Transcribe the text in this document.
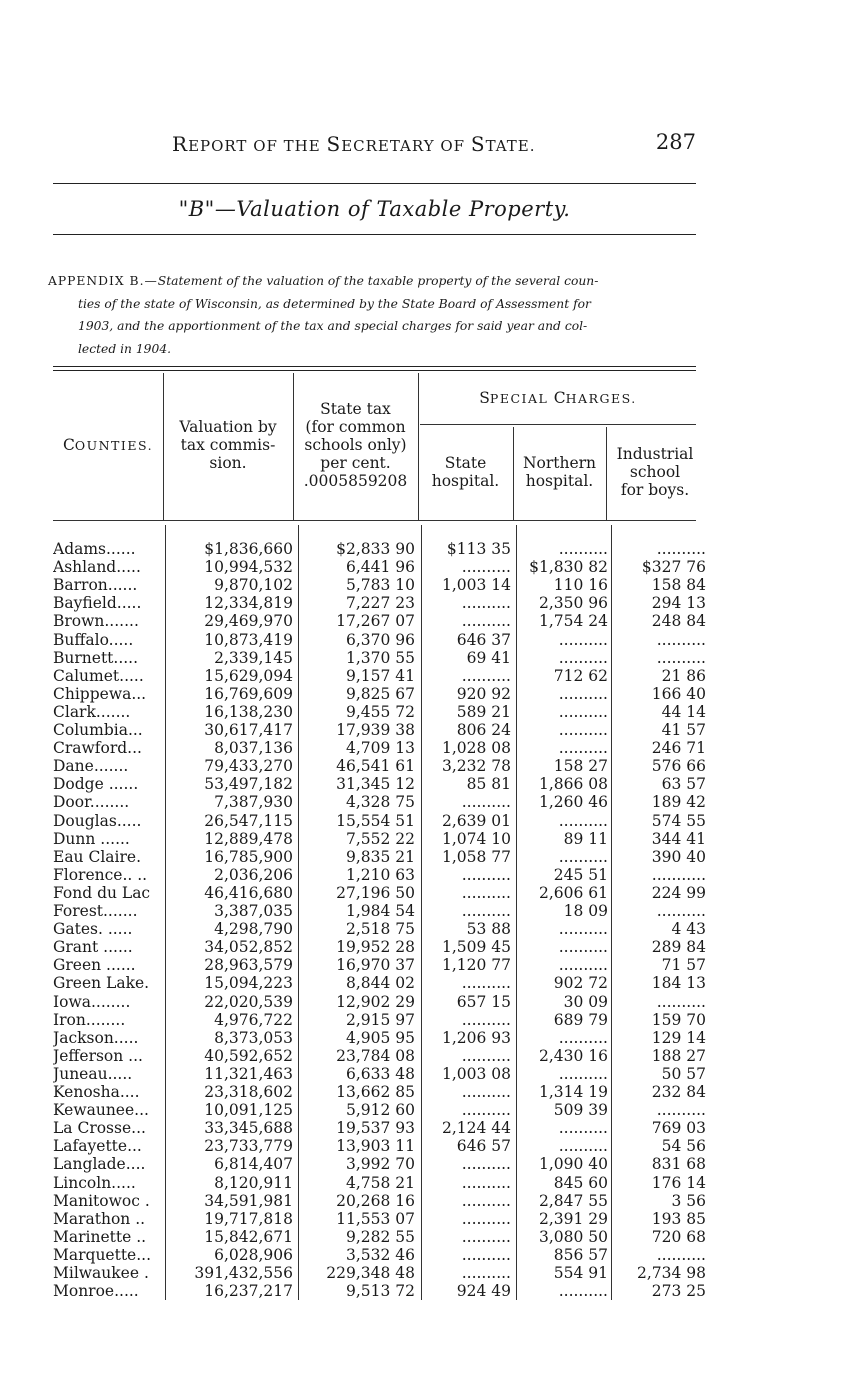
REPORT OF THE SECRETARY OF STATE.	287
"B"—Valuation of Taxable Property.
APPENDIX B.—Statement of the valuation of the taxable property of the several coun-
ties of the state of Wisconsin, as determined by the State Board of Assessment for
1903, and the apportionment of the tax and special charges for said year and col-
lected in 1904.
COUNTIES.
Valuation by
tax commis-
sion.
State tax
(for common
schools only)
per cent.
.0005859208
SPECIAL CHARGES.
State
hospital.
Northern
hospital.
Industrial
school
for boys.
Adams......	$1,836,660	$2,833 90	$113 35	..........	..........
Ashland.....	10,994,532	6,441 96	..........	$1,830 82	$327 76
Barron......	9,870,102	5,783 10	1,003 14	110 16	158 84
Bayfield.....	12,334,819	7,227 23	..........	2,350 96	294 13
Brown.......	29,469,970	17,267 07	..........	1,754 24	248 84
Buffalo.....	10,873,419	6,370 96	646 37	..........	..........
Burnett.....	2,339,145	1,370 55	69 41	..........	..........
Calumet.....	15,629,094	9,157 41	..........	712 62	21 86
Chippewa...	16,769,609	9,825 67	920 92	..........	166 40
Clark.......	16,138,230	9,455 72	589 21	..........	44 14
Columbia...	30,617,417	17,939 38	806 24	..........	41 57
Crawford...	8,037,136	4,709 13	1,028 08	..........	246 71
Dane.......	79,433,270	46,541 61	3,232 78	158 27	576 66
Dodge ......	53,497,182	31,345 12	85 81	1,866 08	63 57
Door........	7,387,930	4,328 75	..........	1,260 46	189 42
Douglas.....	26,547,115	15,554 51	2,639 01	..........	574 55
Dunn ......	12,889,478	7,552 22	1,074 10	89 11	344 41
Eau Claire.	16,785,900	9,835 21	1,058 77	..........	390 40
Florence.. ..	2,036,206	1,210 63	..........	245 51	...........
Fond du Lac	46,416,680	27,196 50	..........	2,606 61	224 99
Forest.......	3,387,035	1,984 54	..........	18 09	..........
Gates. .....	4,298,790	2,518 75	53 88	..........	4 43
Grant ......	34,052,852	19,952 28	1,509 45	..........	289 84
Green ......	28,963,579	16,970 37	1,120 77	..........	71 57
Green Lake.	15,094,223	8,844 02	..........	902 72	184 13
Iowa........	22,020,539	12,902 29	657 15	30 09	..........
Iron........	4,976,722	2,915 97	..........	689 79	159 70
Jackson.....	8,373,053	4,905 95	1,206 93	..........	129 14
Jefferson ...	40,592,652	23,784 08	..........	2,430 16	188 27
Juneau.....	11,321,463	6,633 48	1,003 08	..........	50 57
Kenosha....	23,318,602	13,662 85	..........	1,314 19	232 84
Kewaunee...	10,091,125	5,912 60	..........	509 39	..........
La Crosse...	33,345,688	19,537 93	2,124 44	..........	769 03
Lafayette...	23,733,779	13,903 11	646 57	..........	54 56
Langlade....	6,814,407	3,992 70	..........	1,090 40	831 68
Lincoln.....	8,120,911	4,758 21	..........	845 60	176 14
Manitowoc .	34,591,981	20,268 16	..........	2,847 55	3 56
Marathon ..	19,717,818	11,553 07	..........	2,391 29	193 85
Marinette ..	15,842,671	9,282 55	..........	3,080 50	720 68
Marquette...	6,028,906	3,532 46	..........	856 57	..........
Milwaukee .	391,432,556	229,348 48	..........	554 91	2,734 98
Monroe.....	16,237,217	9,513 72	924 49	..........	273 25
